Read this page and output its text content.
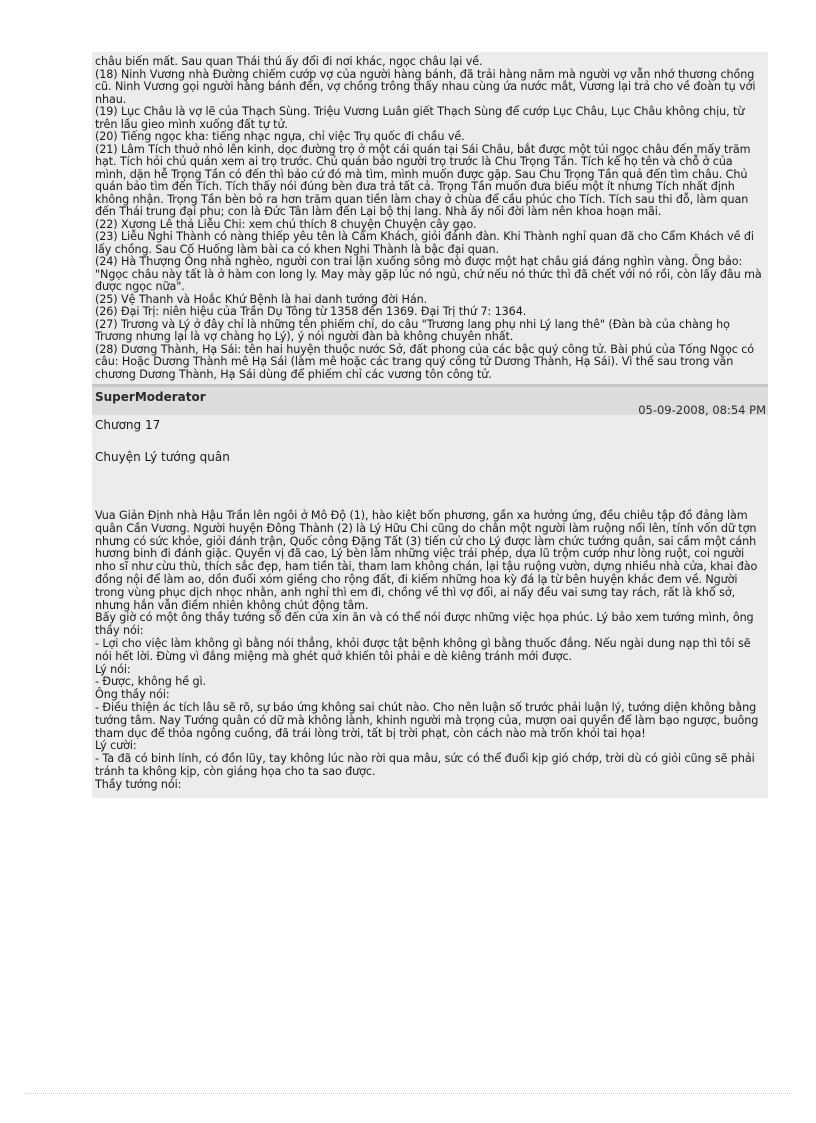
châu biến mất. Sau quan Thái thú ấy đổi đi nơi khác, ngọc châu lại về.

(18) Ninh Vương nhà Đường chiếm cướp vợ của người hàng bánh, đã trải hàng năm mà người vợ vẫn nhớ thương chồng cũ. Ninh Vương gọi người hàng bánh đến, vợ chồng trông thấy nhau cùng ứa nước mắt, Vương lại trả cho về đoàn tụ với nhau.

(19) Lục Châu là vợ lẽ của Thạch Sùng. Triệu Vương Luân giết Thạch Sùng để cướp Lục Châu, Lục Châu không chịu, từ trên lầu gieo mình xuống đất tự tử.

(20) Tiếng ngọc kha: tiếng nhạc ngựa, chỉ việc Trụ quốc đi chầu về.

(21) Lâm Tích thuở nhỏ lên kinh, dọc đường trọ ở một cái quán tại Sái Châu, bắt được một túi ngọc châu đến mấy trăm hạt. Tích hỏi chủ quán xem ai trọ trước. Chủ quán bảo người trọ trước là Chu Trọng Tần. Tích kể họ tên và chỗ ở của mình, dặn hễ Trọng Tần có đến thì bảo cứ đó mà tìm, mình muốn được gặp. Sau Chu Trọng Tần quả đến tìm châu. Chủ quán bảo tìm đến Tích. Tích thấy nói đúng bèn đưa trả tất cả. Trọng Tần muốn đưa biếu một ít nhưng Tích nhất định không nhận. Trọng Tần bèn bỏ ra hơn trăm quan tiền làm chay ở chùa để cầu phúc cho Tích. Tích sau thi đỗ, làm quan đến Thái trung đại phu; con là Đức Tân làm đến Lại bộ thị lang. Nhà ấy nối đời làm nên khoa hoạn mãi.

(22) Xương Lê thả Liễu Chi: xem chú thích 8 chuyện Chuyện cây gạo.

(23) Liễu Nghi Thành có nàng thiếp yêu tên là Cẩm Khách, giỏi đánh đàn. Khi Thành nghỉ quan đã cho Cẩm Khách về đi lấy chồng. Sau Cố Huống làm bài ca có khen Nghi Thành là bậc đại quan.

(24) Hà Thượng Ông nhà nghèo, người con trai lặn xuống sông mò được một hạt châu giá đáng nghìn vàng. Ông bảo: "Ngọc châu này tất là ở hàm con long ly. May mày gặp lúc nó ngủ, chứ nếu nó thức thì đã chết với nó rồi, còn lấy đâu mà được ngọc nữa".

(25) Vệ Thanh và Hoắc Khứ Bệnh là hai danh tướng đời Hán.

(26) Đại Trị: niên hiệu của Trần Dụ Tông từ 1358 đến 1369. Đại Trị thứ 7: 1364.

(27) Trương và Lý ở đây chỉ là những tên phiếm chỉ, do câu "Trương lang phụ nhi Lý lang thê" (Đàn bà của chàng họ Trương nhưng lại là vợ chàng họ Lý), ý nói người đàn bà không chuyên nhất.

(28) Dương Thành, Hạ Sái: tên hai huyện thuộc nước Sở, đất phong của các bậc quý công tử. Bài phú của Tống Ngọc có câu: Hoặc Dương Thành mê Hạ Sái (làm mê hoặc các trang quý công tử Dương Thành, Hạ Sái). Vì thế sau trong văn chương Dương Thành, Hạ Sái dùng để phiếm chỉ các vương tôn công tử.

SuperModerator
05-09-2008, 08:54 PM

Chương 17

Chuyện Lý tướng quân

Vua Giản Định nhà Hậu Trần lên ngôi ở Mô Độ (1), hào kiệt bốn phương, gần xa hưởng ứng, đều chiêu tập đồ đảng làm quân Cần Vương. Người huyện Đông Thành (2) là Lý Hữu Chi cũng do chân một người làm ruộng nổi lên, tính vốn dữ tợn nhưng có sức khỏe, giỏi đánh trận, Quốc công Đặng Tất (3) tiến cử cho Lý được làm chức tướng quân, sai cầm một cánh hương binh đi đánh giặc. Quyền vị đã cao, Lý bèn làm những việc trái phép, dựa lũ trộm cướp như lòng ruột, coi người nho sĩ như cừu thù, thích sắc đẹp, ham tiền tài, tham lam không chán, lại tậu ruộng vườn, dựng nhiều nhà cửa, khai đào đồng nội để làm ao, dồn đuổi xóm giềng cho rộng đất, đi kiếm những hoa kỳ đá lạ từ bên huyện khác đem về. Người trong vùng phục dịch nhọc nhằn, anh nghỉ thì em đi, chồng về thì vợ đổi, ai nấy đều vai sưng tay rách, rất là khổ sở, nhưng hắn vẫn điềm nhiên không chút động tâm.

Bấy giờ có một ông thầy tướng số đến cửa xin ăn và có thể nói được những việc họa phúc. Lý bảo xem tướng mình, ông thầy nói:

- Lợi cho việc làm không gì bằng nói thẳng, khỏi được tật bệnh không gì bằng thuốc đắng. Nếu ngài dung nạp thì tôi sẽ nói hết lời. Đừng vì đắng miệng mà ghét quở khiến tôi phải e dè kiêng tránh mới được.

Lý nói:

- Được, không hề gì.

Ông thầy nói:

- Điều thiện ác tích lâu sẽ rõ, sự báo ứng không sai chút nào. Cho nên luận số trước phải luận lý, tướng diện không bằng tướng tâm. Nay Tướng quân có dữ mà không lành, khinh người mà trọng của, mượn oai quyền để làm bạo ngược, buông tham dục để thỏa ngông cuồng, đã trái lòng trời, tất bị trời phạt, còn cách nào mà trốn khỏi tai họa!

Lý cười:

- Ta đã có binh lính, có đồn lũy, tay không lúc nào rời qua mâu, sức có thể đuổi kịp gió chớp, trời dù có giỏi cũng sẽ phải tránh ta không kịp, còn giáng họa cho ta sao được.

Thầy tướng nói:
